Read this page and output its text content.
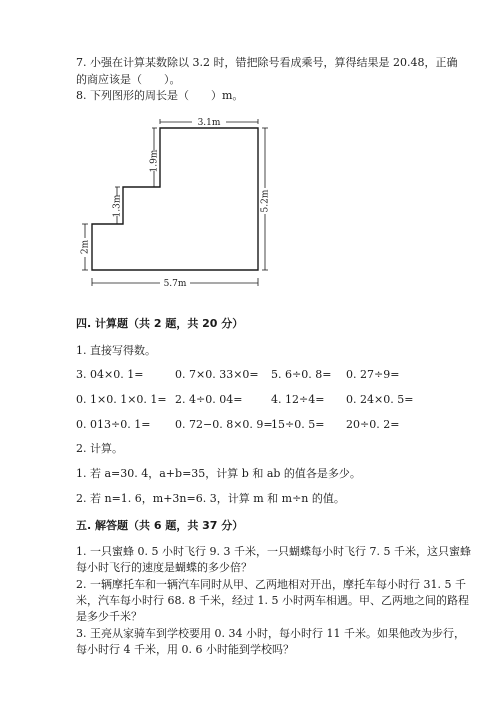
7. 小强在计算某数除以 3.2 时，错把除号看成乘号，算得结果是 20.48，正确
的商应该是（　　）。
8. 下列图形的周长是（　　）m。
3.1m
1.9m
1.3m
2m
5.2m
5.7m
四. 计算题（共 2 题，共 20 分）
1. 直接写得数。
3. 04×0. 1=	0. 7×0. 33×0= 5. 6÷0. 8= 0. 27÷9=
0. 1×0. 1×0. 1= 2. 4÷0. 04=	4. 12÷4= 0. 24×0. 5=
0. 013÷0. 1= 0. 72−0. 8×0. 9=
15÷0. 5= 20÷0. 2=
2. 计算。
1. 若 a=30. 4，a+b=35，计算 b 和 ab 的值各是多少。
2. 若 n=1. 6，m+3n=6. 3，计算 m 和 m÷n 的值。
五. 解答题（共 6 题，共 37 分）
1. 一只蜜蜂 0. 5 小时飞行 9. 3 千米，一只蝴蝶每小时飞行 7. 5 千米，这只蜜蜂
每小时飞行的速度是蝴蝶的多少倍？
2. 一辆摩托车和一辆汽车同时从甲、乙两地相对开出，摩托车每小时行 31. 5 千
米，汽车每小时行 68. 8 千米，经过 1. 5 小时两车相遇。甲、乙两地之间的路程
是多少千米？
3. 王亮从家骑车到学校要用 0. 34 小时，每小时行 11 千米。如果他改为步行，
每小时行 4 千米，用 0. 6 小时能到学校吗？
